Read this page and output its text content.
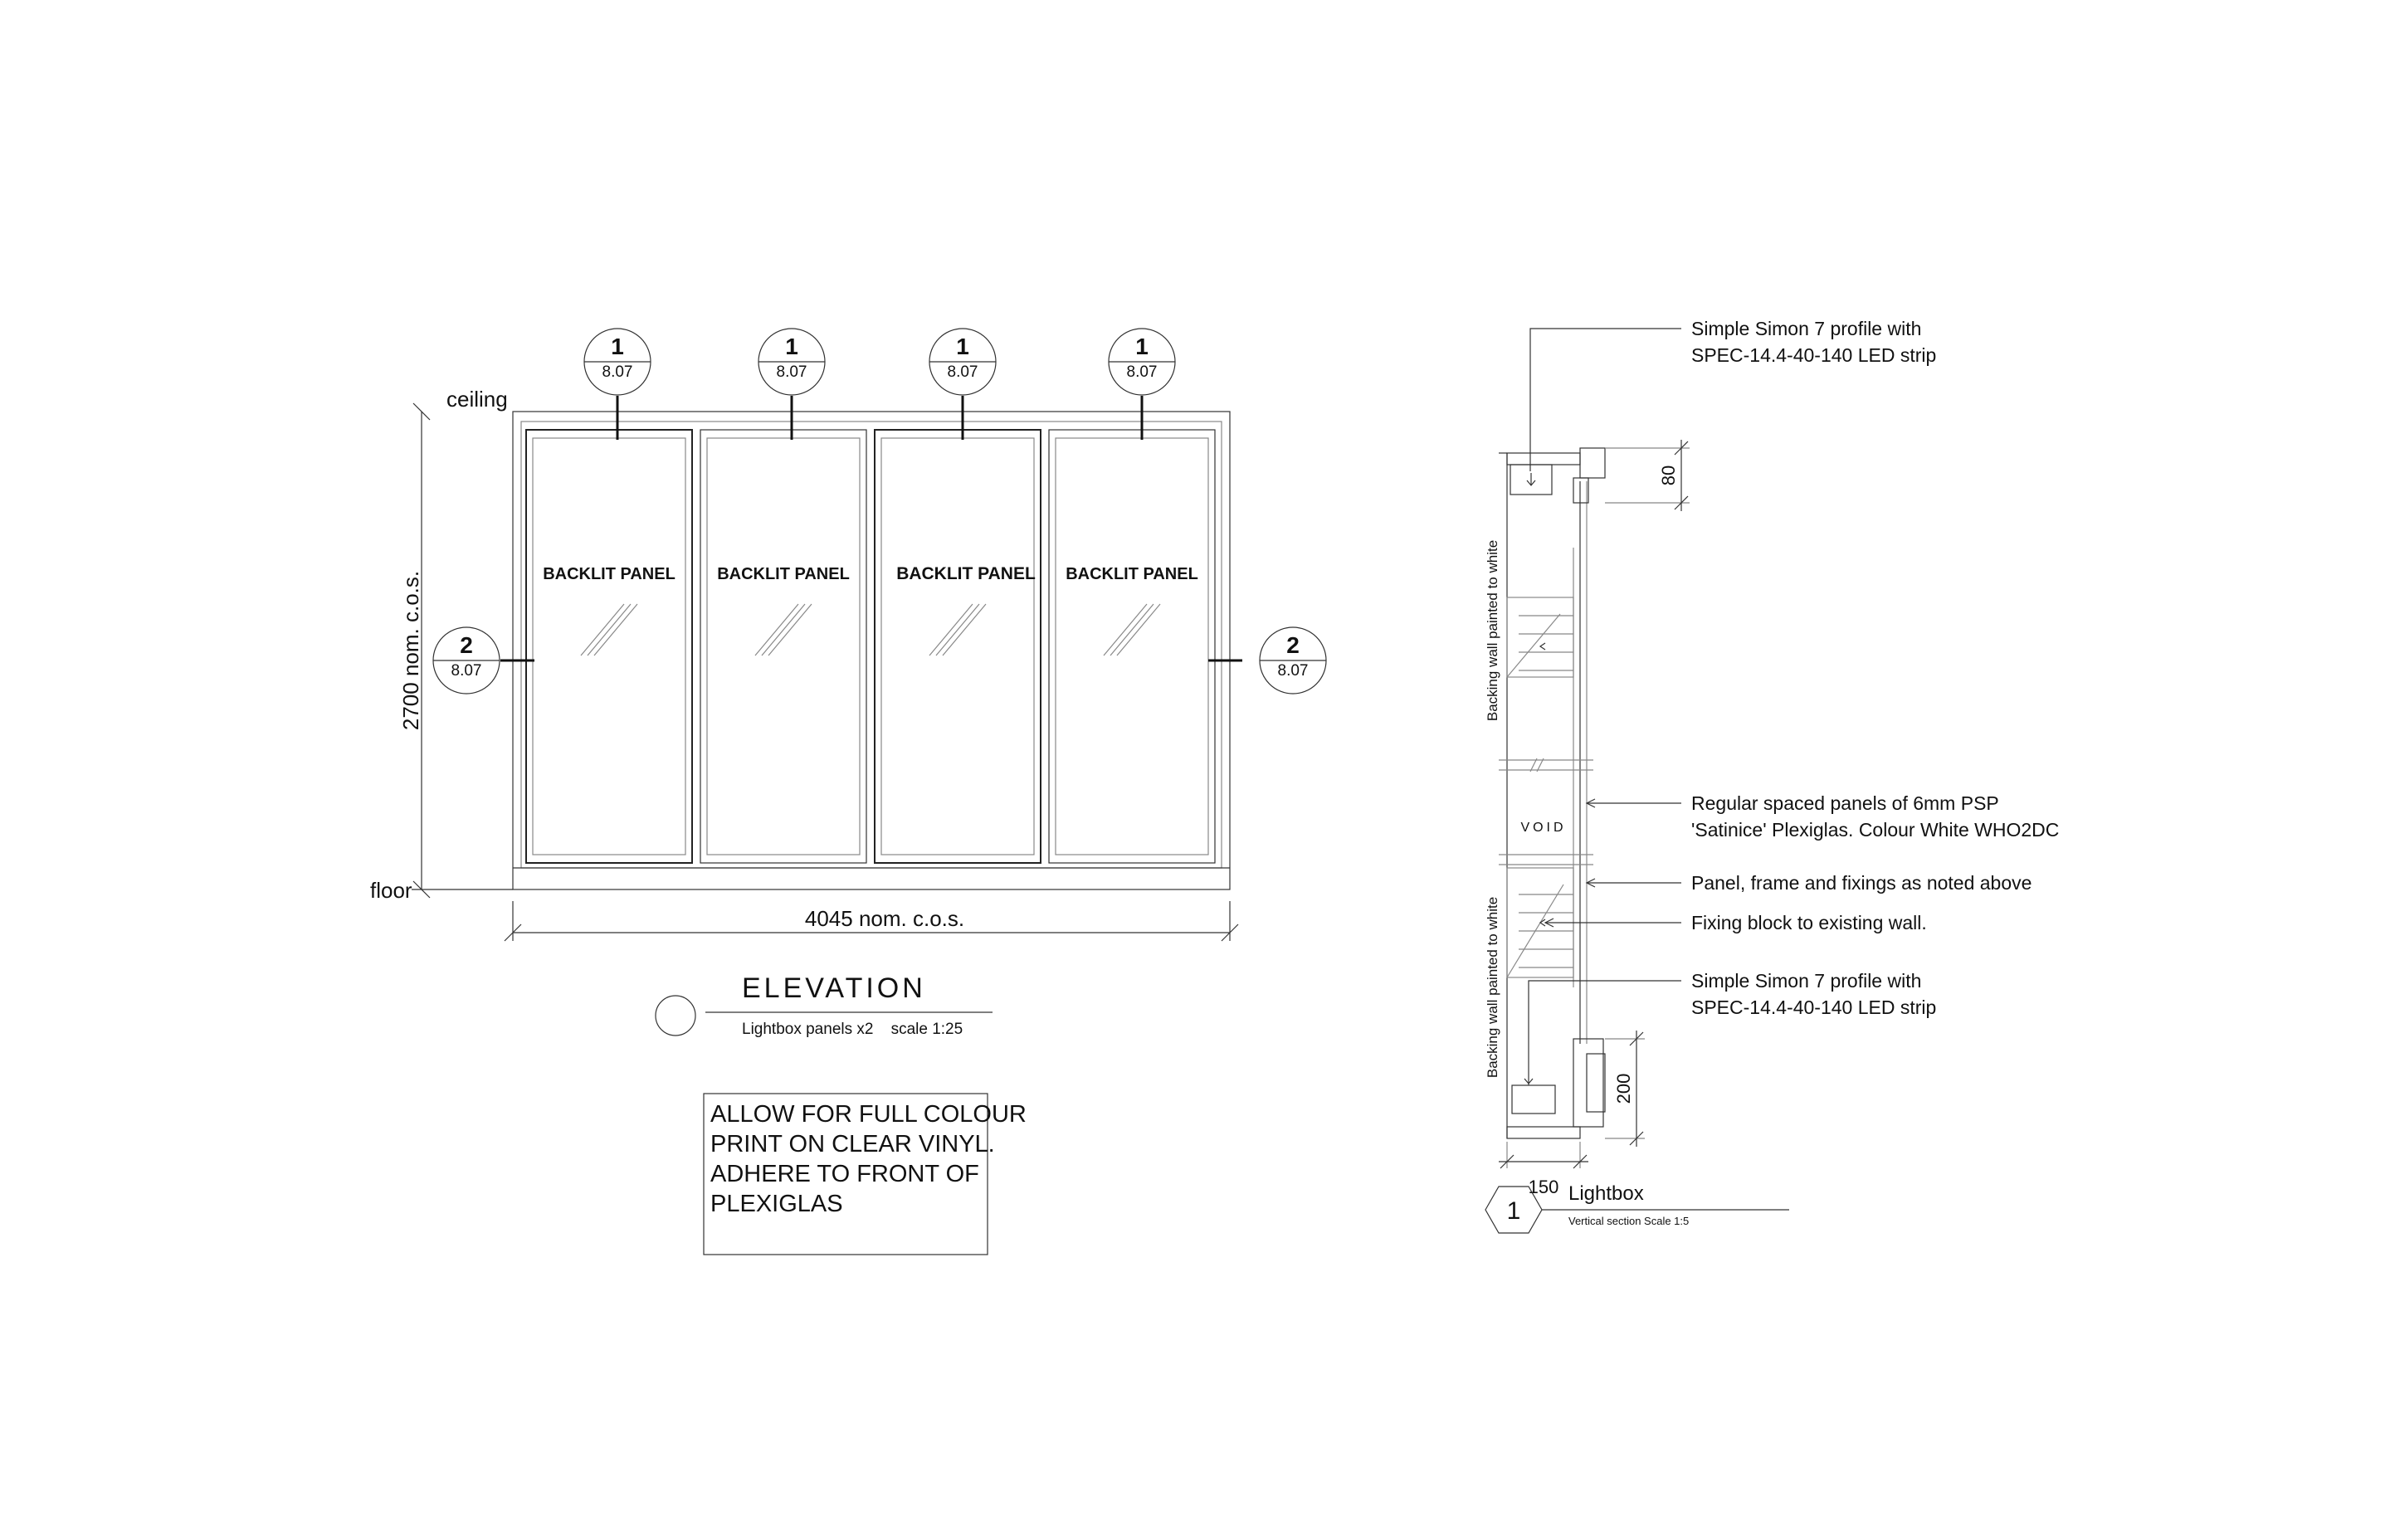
BACKLIT PANEL	BACKLIT PANEL	BACKLIT PANEL BACKLIT PANEL
ceiling
floor
2700 nom. c.o.s.
4045 nom. c.o.s.
1
8.07
1
8.07
1
8.07
1
8.07
2
8.07
2
8.07
ELEVATION
Lightbox panels x2    scale 1:25
ALLOW FOR FULL COLOUR
PRINT ON CLEAR VINYL.
ADHERE TO FRONT OF
PLEXIGLAS
VOID
Backing wall painted to white
Backing wall painted to white
80
200
150
Simple Simon 7 profile with
SPEC-14.4-40-140 LED strip
Regular spaced panels of 6mm PSP
'Satinice' Plexiglas. Colour White WHO2DC
Panel, frame and fixings as noted above
Fixing block to existing wall.
Simple Simon 7 profile with
SPEC-14.4-40-140 LED strip
1
Lightbox
Vertical section Scale 1:5
